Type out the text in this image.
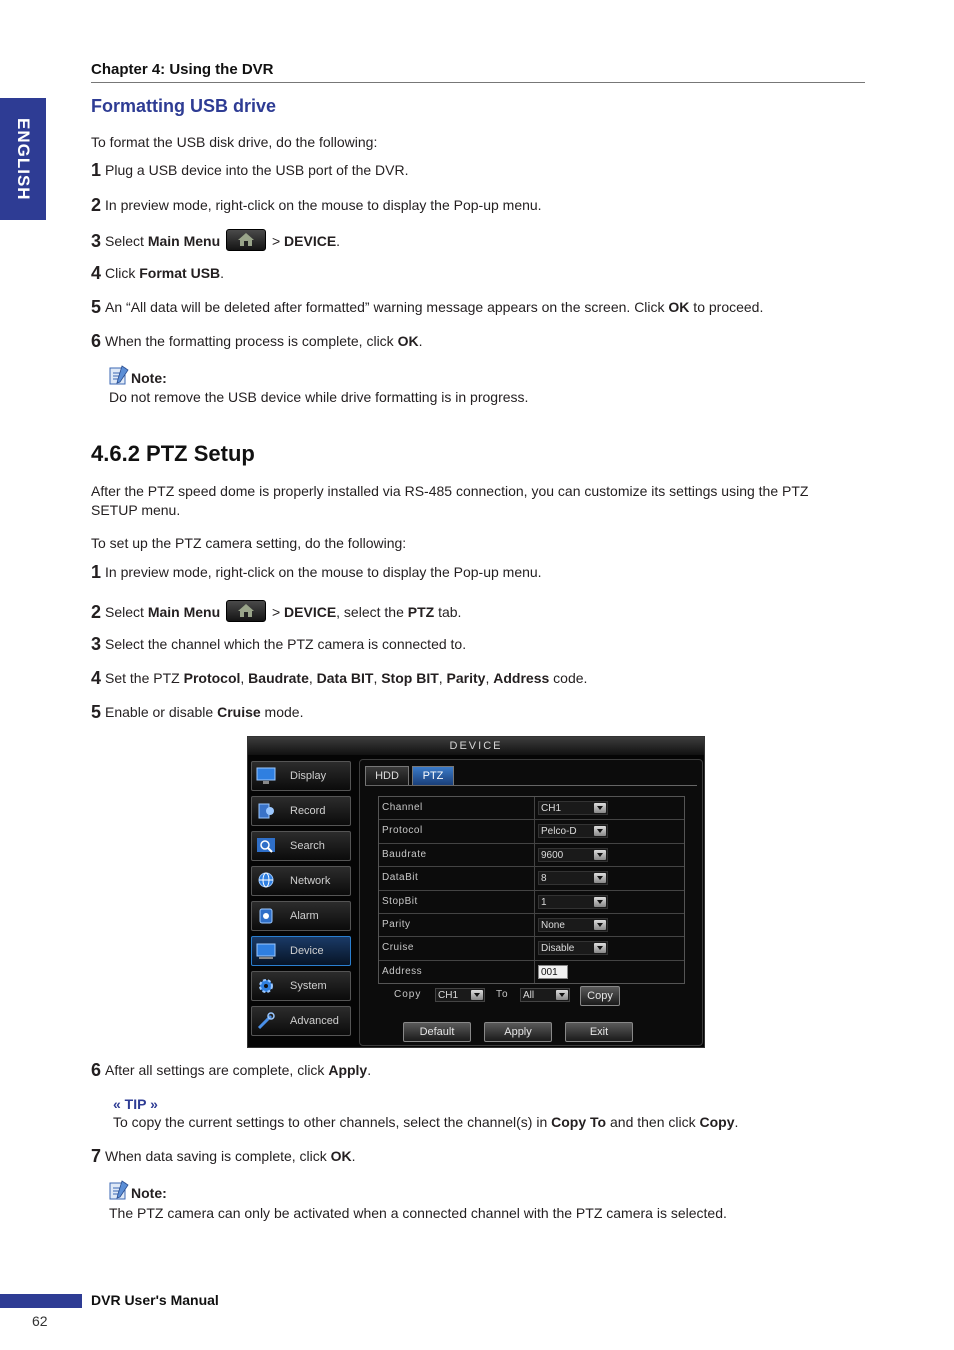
Chapter 4: Using the DVR
ENGLISH
Formatting USB drive
To format the USB disk drive, do the following:
1 Plug a USB device into the USB port of the DVR.
2 In preview mode, right-click on the mouse to display the Pop-up menu.
3 Select Main Menu	> DEVICE.
4 Click Format USB.
5 An “All data will be deleted after formatted” warning message appears on the screen. Click OK to proceed.
6 When the formatting process is complete, click OK.
Note:
Do not remove the USB device while drive formatting is in progress.
4.6.2 PTZ Setup
After the PTZ speed dome is properly installed via RS-485 connection, you can customize its settings using the PTZ
SETUP menu.
To set up the PTZ camera setting, do the following:
1 In preview mode, right-click on the mouse to display the Pop-up menu.
2 Select Main Menu	> DEVICE, select the PTZ tab.
3 Select the channel which the PTZ camera is connected to.
4 Set the PTZ Protocol, Baudrate, Data BIT, Stop BIT, Parity, Address code.
5 Enable or disable Cruise mode.
DEVICE
Display
Record
Search
Network
Alarm
Device
System
Advanced
HDD	PTZ
Channel	CH1
Protocol	Pelco-D
Baudrate	9600
DataBit	8
StopBit	1
Parity	None
Cruise	Disable
Address	001
Copy	CH1	To	All	Copy
Default	Apply	Exit
6 After all settings are complete, click Apply.
« TIP »
To copy the current settings to other channels, select the channel(s) in Copy To and then click Copy.
7 When data saving is complete, click OK.
Note:
The PTZ camera can only be activated when a connected channel with the PTZ camera is selected.
DVR User's Manual
62
